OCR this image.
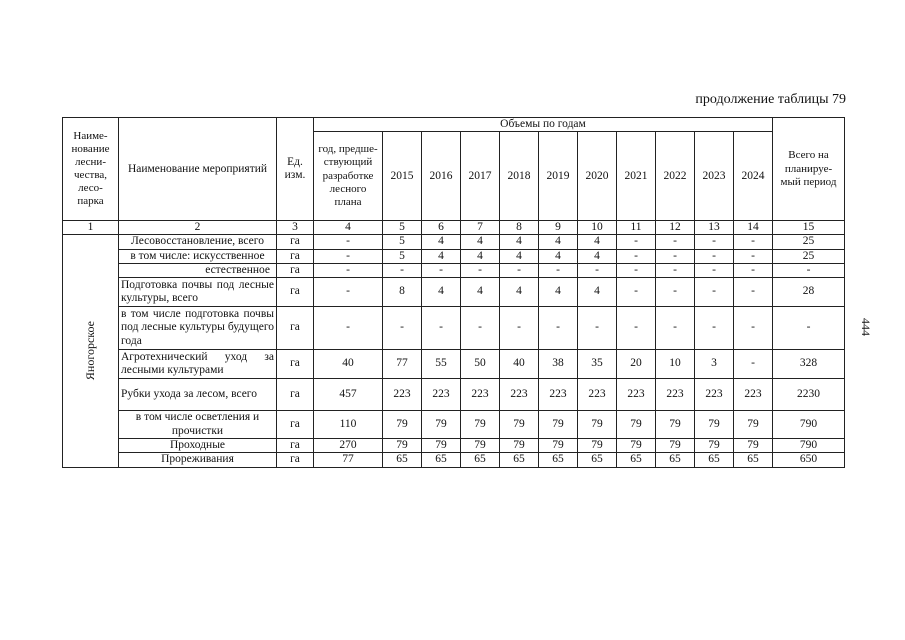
продолжение таблицы 79
444
Наиме-нование лесни-чества, лесо-парка	Наименование мероприятий	Ед. изм.	Объемы по годам											Всего на планируе-мый период
			год, предше-ствующий разработке лесного плана	2015	2016	2017	2018	2019	2020	2021	2022	2023	2024	
1	2	3	4	5	6	7	8	9	10	11	12	13	14	15
Яногорское	Лесовосстановление, всего	га	-	5	4	4	4	4	4	-	-	-	-	25
	в том числе: искусственное	га	-	5	4	4	4	4	4	-	-	-	-	25
	естественное	га	-	-	-	-	-	-	-	-	-	-	-	-
	Подготовка почвы под лесные культуры, всего	га	-	8	4	4	4	4	4	-	-	-	-	28
	в том числе подготовка почвы под лесные культуры будущего года	га	-	-	-	-	-	-	-	-	-	-	-	-
	Агротехнический уход за лесными культурами	га	40	77	55	50	40	38	35	20	10	3	-	328
	Рубки ухода за лесом, всего	га	457	223	223	223	223	223	223	223	223	223	223	2230
	в том числе осветления и прочистки	га	110	79	79	79	79	79	79	79	79	79	79	790
	Проходные	га	270	79	79	79	79	79	79	79	79	79	79	790
	Прореживания	га	77	65	65	65	65	65	65	65	65	65	65	650
